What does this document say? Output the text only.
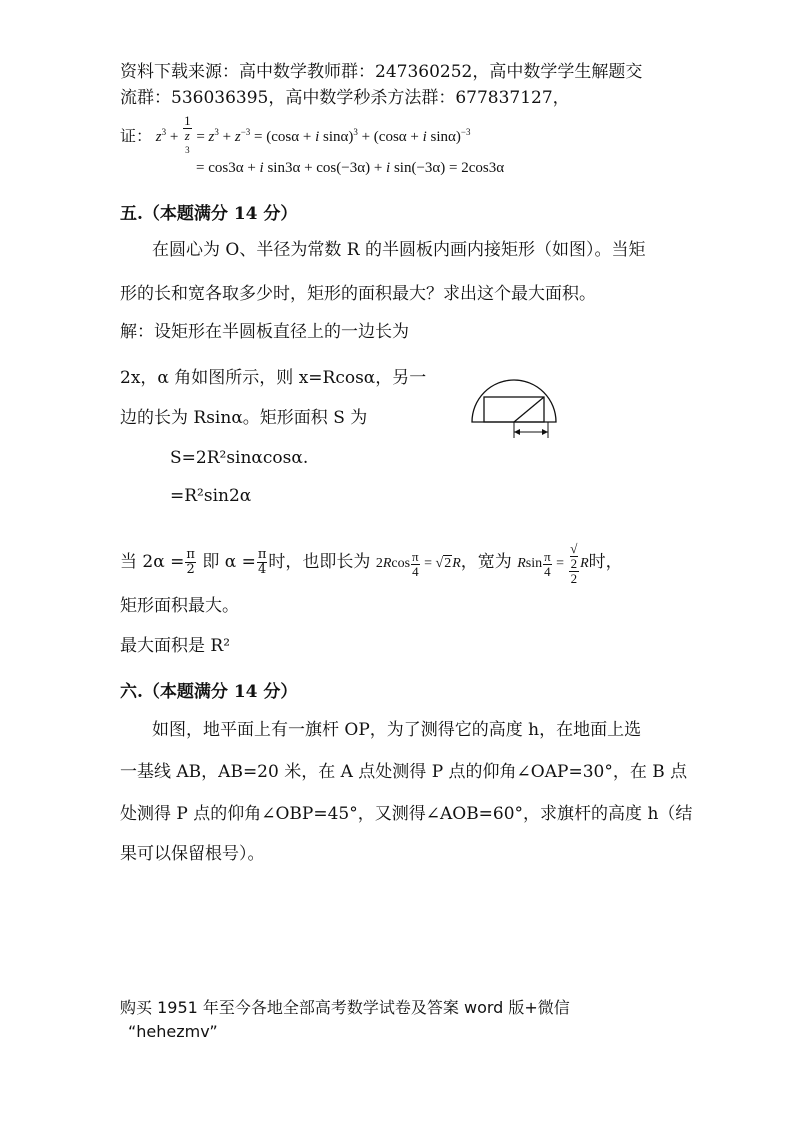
资料下载来源：高中数学教师群：247360252，高中数学学生解题交
流群：536036395，高中数学秒杀方法群：677837127，
证： $z^3 + 1$
z
$^3 = z^3 + z^{-3} = (\cos\alpha + i$ sinα)$^3$ + (cosα + i sinα)$^{-3}$
= cos3α + i sin3α + cos(−3α) + i sin(−3α) = 2cos3α
五.（本题满分 14 分）
在圆心为 O、半径为常数 R 的半圆板内画内接矩形（如图）。当矩
形的长和宽各取多少时，矩形的面积最大？求出这个最大面积。
解：设矩形在半圆板直径上的一边长为
2x，α 角如图所示，则 x=Rcosα，另一
边的长为 Rsinα。矩形面积 S 为
S=2R²sinαcosα.
=R²sin2α
当 $2\alpha = \frac{\pi}{2}$ 即 $\alpha = \frac{\pi}{4}$ 时，也即长为 $2Rcos \frac{\pi}{4} = √2R$，宽为 Rsin $\frac{\pi}{4}$ = √
2
2 R时，
矩形面积最大。
最大面积是 R²
六.（本题满分 14 分）
如图，地平面上有一旗杆 OP，为了测得它的高度 h，在地面上选
一基线 AB，AB=20 米，在 A 点处测得 P 点的仰角∠OAP=30°，在 B 点
处测得 P 点的仰角∠OBP=45°，又测得∠AOB=60°，求旗杆的高度 h（结
果可以保留根号）。
购买 1951 年至今各地全部高考数学试卷及答案 word 版+微信
“hehezmv”
